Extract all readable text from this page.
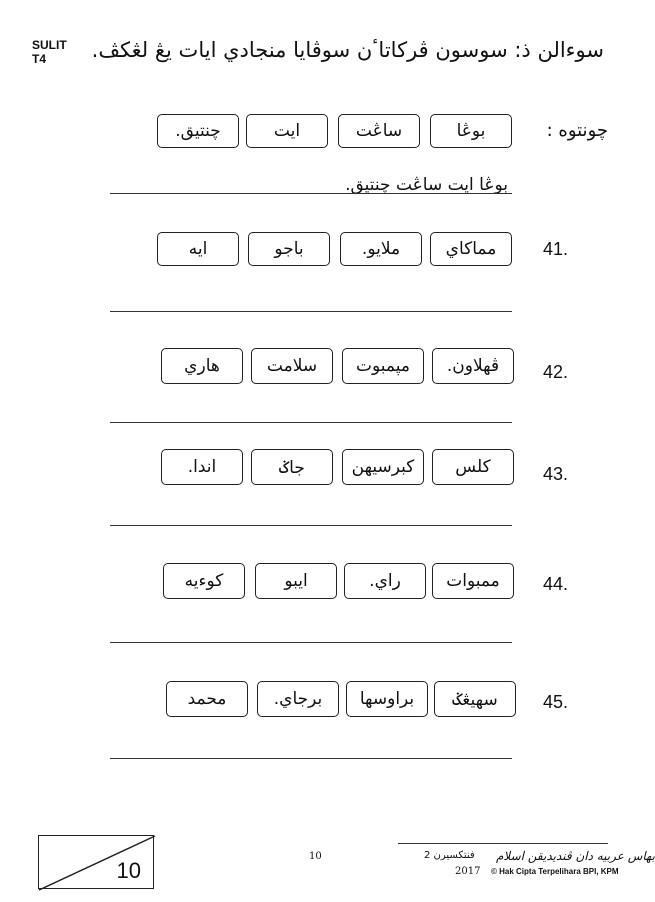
SULIT
T4	سوءالن ذ: سوسون ڤركاتاٴن سوڤايا منجادي ايات يڠ لڠكڤ.
چونتوه :
بوڠا
ساڠت
ايت
چنتيق.
بوڠا ايت ساڠت چنتيق.
41.
مماكاي
ملايو.
باجو
ايه
42.
ڤهلاون.
مپمبوت
سلامت
هاري
43.
كلس
كبرسيهن
جاݢ
اندا.
44.
ممبوات
راي.
ايبو
كوءيه
45.
سهيڠݢ
براوسها
برجاي.
محمد
10
10	فنتكسيرن 2 بهاس عربيه دان ڤنديديقن اسلام
2017 © Hak Cipta Terpelihara BPI, KPM
